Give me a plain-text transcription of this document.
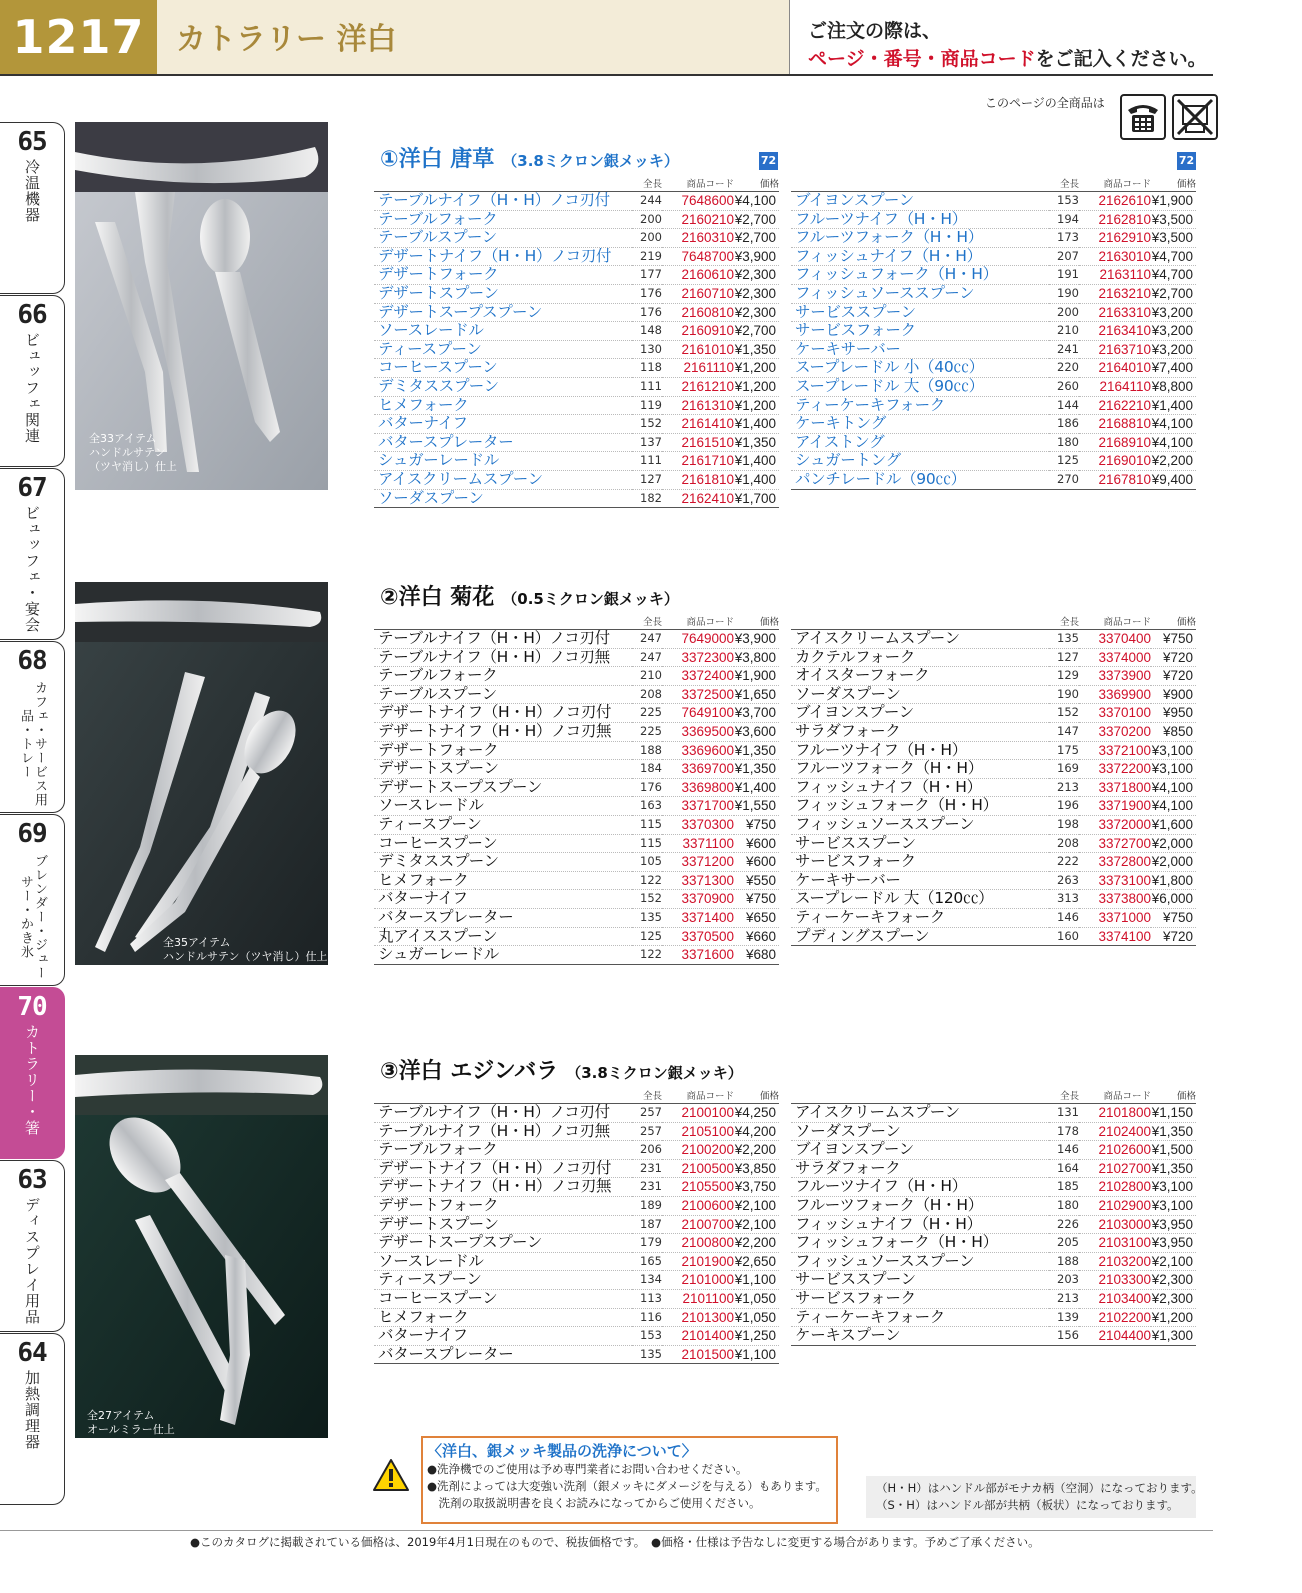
1217	カトラリー 洋白	ご注文の際は、
ページ・番号・商品コードをご記入ください。
このページの全商品は
65
冷温機器
66
ビュッフェ関連
67
ビュッフェ・宴会
68
カフェ・サービス用品・トレー
69
ブレンダー・ジューサー・かき氷
70
カトラリー・箸
63
ディスプレイ用品
64
加熱調理器
全33アイテム
ハンドルサテン
（ツヤ消し）仕上
全35アイテム
ハンドルサテン（ツヤ消し）仕上
全27アイテム
オールミラー仕上
①洋白 唐草 （3.8ミクロン銀メッキ）	72	72
	全長	商品コード	価格
テーブルナイフ（H・H）ノコ刃付	244	7648600	¥4,100
テーブルフォーク	200	2160210	¥2,700
テーブルスプーン	200	2160310	¥2,700
デザートナイフ（H・H）ノコ刃付	219	7648700	¥3,900
デザートフォーク	177	2160610	¥2,300
デザートスプーン	176	2160710	¥2,300
デザートスープスプーン	176	2160810	¥2,300
ソースレードル	148	2160910	¥2,700
ティースプーン	130	2161010	¥1,350
コーヒースプーン	118	2161110	¥1,200
デミタススプーン	111	2161210	¥1,200
ヒメフォーク	119	2161310	¥1,200
バターナイフ	152	2161410	¥1,400
バタースプレーター	137	2161510	¥1,350
シュガーレードル	111	2161710	¥1,400
アイスクリームスプーン	127	2161810	¥1,400
ソーダスプーン	182	2162410	¥1,700
	全長	商品コード	価格
ブイヨンスプーン	153	2162610	¥1,900
フルーツナイフ（H・H）	194	2162810	¥3,500
フルーツフォーク（H・H）	173	2162910	¥3,500
フィッシュナイフ（H・H）	207	2163010	¥4,700
フィッシュフォーク（H・H）	191	2163110	¥4,700
フィッシュソーススプーン	190	2163210	¥2,700
サービススプーン	200	2163310	¥3,200
サービスフォーク	210	2163410	¥3,200
ケーキサーバー	241	2163710	¥3,200
スープレードル 小（40㏄）	220	2164010	¥7,400
スープレードル 大（90㏄）	260	2164110	¥8,800
ティーケーキフォーク	144	2162210	¥1,400
ケーキトング	186	2168810	¥4,100
アイストング	180	2168910	¥4,100
シュガートング	125	2169010	¥2,200
パンチレードル（90㏄）	270	2167810	¥9,400
②洋白 菊花 （0.5ミクロン銀メッキ）
	全長	商品コード	価格
テーブルナイフ（H・H）ノコ刃付	247	7649000	¥3,900
テーブルナイフ（H・H）ノコ刃無	247	3372300	¥3,800
テーブルフォーク	210	3372400	¥1,900
テーブルスプーン	208	3372500	¥1,650
デザートナイフ（H・H）ノコ刃付	225	7649100	¥3,700
デザートナイフ（H・H）ノコ刃無	225	3369500	¥3,600
デザートフォーク	188	3369600	¥1,350
デザートスプーン	184	3369700	¥1,350
デザートスープスプーン	176	3369800	¥1,400
ソースレードル	163	3371700	¥1,550
ティースプーン	115	3370300	¥750
コーヒースプーン	115	3371100	¥600
デミタススプーン	105	3371200	¥600
ヒメフォーク	122	3371300	¥550
バターナイフ	152	3370900	¥750
バタースプレーター	135	3371400	¥650
丸アイススプーン	125	3370500	¥660
シュガーレードル	122	3371600	¥680
	全長	商品コード	価格
アイスクリームスプーン	135	3370400	¥750
カクテルフォーク	127	3374000	¥720
オイスターフォーク	129	3373900	¥720
ソーダスプーン	190	3369900	¥900
ブイヨンスプーン	152	3370100	¥950
サラダフォーク	147	3370200	¥850
フルーツナイフ（H・H）	175	3372100	¥3,100
フルーツフォーク（H・H）	169	3372200	¥3,100
フィッシュナイフ（H・H）	213	3371800	¥4,100
フィッシュフォーク（H・H）	196	3371900	¥4,100
フィッシュソーススプーン	198	3372000	¥1,600
サービススプーン	208	3372700	¥2,000
サービスフォーク	222	3372800	¥2,000
ケーキサーバー	263	3373100	¥1,800
スープレードル 大（120㏄）	313	3373800	¥6,000
ティーケーキフォーク	146	3371000	¥750
プディングスプーン	160	3374100	¥720
③洋白 エジンバラ （3.8ミクロン銀メッキ）
	全長	商品コード	価格
テーブルナイフ（H・H）ノコ刃付	257	2100100	¥4,250
テーブルナイフ（H・H）ノコ刃無	257	2105100	¥4,200
テーブルフォーク	206	2100200	¥2,200
デザートナイフ（H・H）ノコ刃付	231	2100500	¥3,850
デザートナイフ（H・H）ノコ刃無	231	2105500	¥3,750
デザートフォーク	189	2100600	¥2,100
デザートスプーン	187	2100700	¥2,100
デザートスープスプーン	179	2100800	¥2,200
ソースレードル	165	2101900	¥2,650
ティースプーン	134	2101000	¥1,100
コーヒースプーン	113	2101100	¥1,050
ヒメフォーク	116	2101300	¥1,050
バターナイフ	153	2101400	¥1,250
バタースプレーター	135	2101500	¥1,100
	全長	商品コード	価格
アイスクリームスプーン	131	2101800	¥1,150
ソーダスプーン	178	2102400	¥1,350
ブイヨンスプーン	146	2102600	¥1,500
サラダフォーク	164	2102700	¥1,350
フルーツナイフ（H・H）	185	2102800	¥3,100
フルーツフォーク（H・H）	180	2102900	¥3,100
フィッシュナイフ（H・H）	226	2103000	¥3,950
フィッシュフォーク（H・H）	205	2103100	¥3,950
フィッシュソーススプーン	188	2103200	¥2,100
サービススプーン	203	2103300	¥2,300
サービスフォーク	213	2103400	¥2,300
ティーケーキフォーク	139	2102200	¥1,200
ケーキスプーン	156	2104400	¥1,300
〈洋白、銀メッキ製品の洗浄について〉
●洗浄機でのご使用は予め専門業者にお問い合わせください。
●洗剤によっては大変強い洗剤（銀メッキにダメージを与える）もあります。
　洗剤の取扱説明書を良くお読みになってからご使用ください。
（H・H）はハンドル部がモナカ柄（空洞）になっております。
（S・H）はハンドル部が共柄（板状）になっております。
●このカタログに掲載されている価格は、2019年4月1日現在のもので、税抜価格です。　●価格・仕様は予告なしに変更する場合があります。予めご了承ください。
